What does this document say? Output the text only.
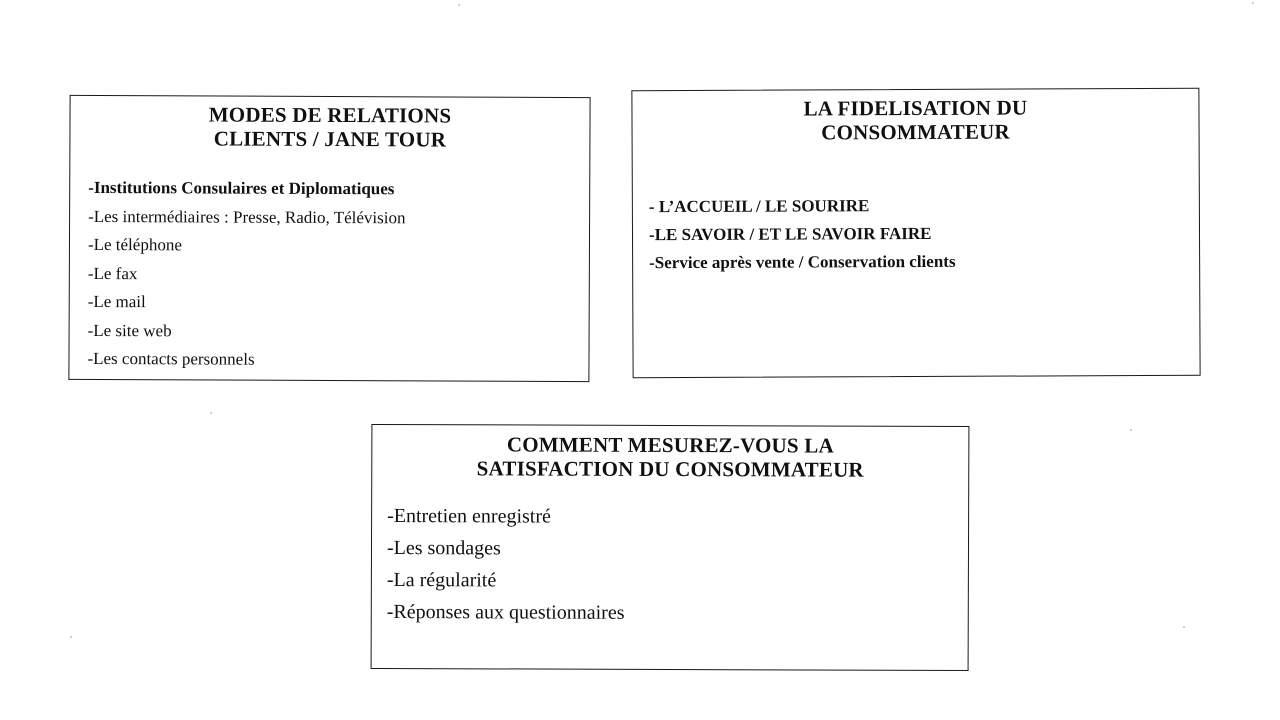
MODES DE RELATIONS
CLIENTS / JANE TOUR
-Institutions Consulaires et Diplomatiques
-Les intermédiaires : Presse, Radio, Télévision
-Le téléphone
-Le fax
-Le mail
-Le site web
-Les contacts personnels
LA FIDELISATION DU
CONSOMMATEUR
- L’ACCUEIL / LE SOURIRE
-LE SAVOIR / ET LE SAVOIR FAIRE
-Service après vente / Conservation clients
COMMENT MESUREZ-VOUS LA
SATISFACTION DU CONSOMMATEUR
-Entretien enregistré
-Les sondages
-La régularité
-Réponses aux questionnaires
